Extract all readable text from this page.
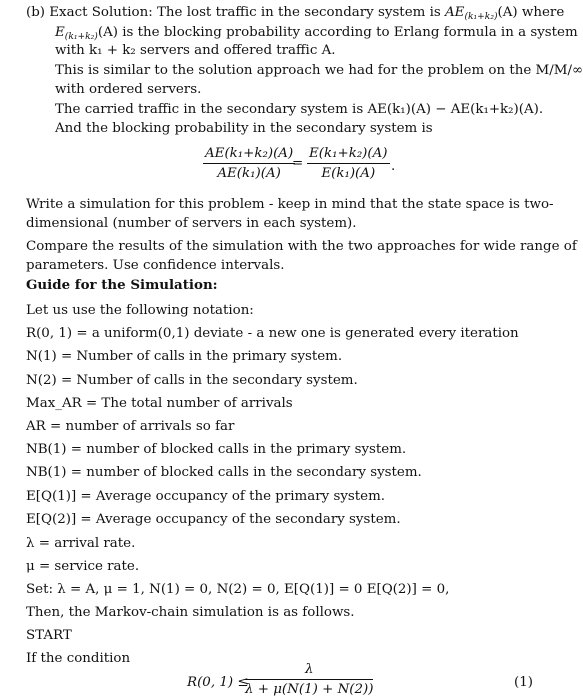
(b) Exact Solution: The lost traffic in the secondary system is $AE_{(k_1+k_2)}(A)$ where
$E_{(k_1+k_2)}(A)$ is the blocking probability according to Erlang formula in a system
with k₁ + k₂ servers and offered traffic A.
This is similar to the solution approach we had for the problem on the M/M/∞
with ordered servers.
The carried traffic in the secondary system is AE(k₁)(A) − AE(k₁+k₂)(A).
And the blocking probability in the secondary system is
$\frac{\text{AE(k₁+k₂)(A)}}{\text{AE(k₁)(A)}}$
= $\frac{\text{E(k₁+k₂)(A)}}{\text{E(k₁)(A)}}$ .
Write a simulation for this problem - keep in mind that the state space is two-
dimensional (number of servers in each system).
Compare the results of the simulation with the two approaches for wide range of
parameters. Use confidence intervals.
Guide for the Simulation:
Let us use the following notation:
R(0, 1) = a uniform(0,1) deviate - a new one is generated every iteration
N(1) = Number of calls in the primary system.
N(2) = Number of calls in the secondary system.
Max_AR = The total number of arrivals
AR = number of arrivals so far
NB(1) = number of blocked calls in the primary system.
NB(1) = number of blocked calls in the secondary system.
E[Q(1)] = Average occupancy of the primary system.
E[Q(2)] = Average occupancy of the secondary system.
λ = arrival rate.
μ = service rate.
Set: λ = A, μ = 1, N(1) = 0, N(2) = 0, E[Q(1)] = 0 E[Q(2)] = 0,
Then, the Markov-chain simulation is as follows.
START
If the condition
R(0, 1) ≤
$\frac{\lambda}{\lambda + \mu(N(1) + N(2))}$	(1)
